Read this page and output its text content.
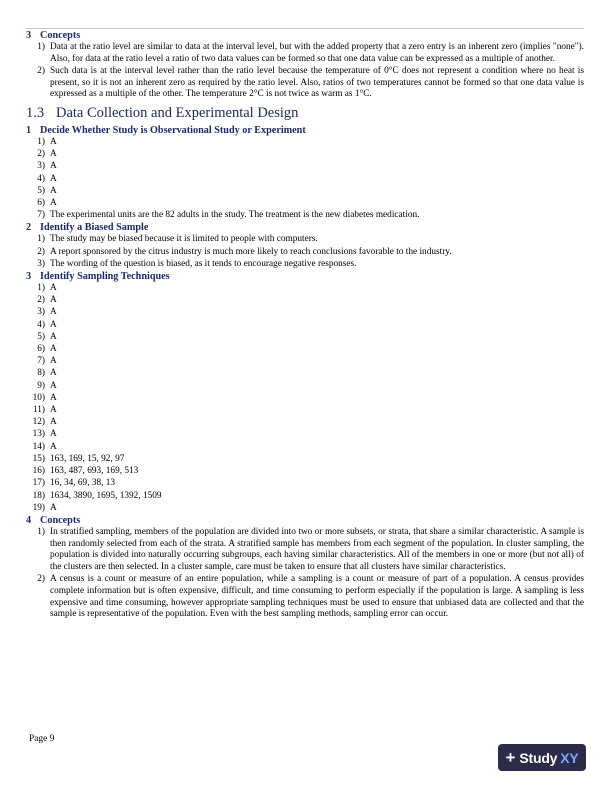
3 Concepts
1) Data at the ratio level are similar to data at the interval level, but with the added property that a zero entry is an inherent zero (implies "none"). Also, for data at the ratio level a ratio of two data values can be formed so that one data value can be expressed as a multiple of another.
2) Such data is at the interval level rather than the ratio level because the temperature of 0°C does not represent a condition where no heat is present, so it is not an inherent zero as required by the ratio level. Also, ratios of two temperatures cannot be formed so that one data value is expressed as a multiple of the other. The temperature 2°C is not twice as warm as 1°C.
1.3 Data Collection and Experimental Design
1 Decide Whether Study is Observational Study or Experiment
1) A
2) A
3) A
4) A
5) A
6) A
7) The experimental units are the 82 adults in the study. The treatment is the new diabetes medication.
2 Identify a Biased Sample
1) The study may be biased because it is limited to people with computers.
2) A report sponsored by the citrus industry is much more likely to reach conclusions favorable to the industry.
3) The wording of the question is biased, as it tends to encourage negative responses.
3 Identify Sampling Techniques
1) A
2) A
3) A
4) A
5) A
6) A
7) A
8) A
9) A
10) A
11) A
12) A
13) A
14) A
15) 163, 169, 15, 92, 97
16) 163, 487, 693, 169, 513
17) 16, 34, 69, 38, 13
18) 1634, 3890, 1695, 1392, 1509
19) A
4 Concepts
1) In stratified sampling, members of the population are divided into two or more subsets, or strata, that share a similar characteristic. A sample is then randomly selected from each of the strata. A stratified sample has members from each segment of the population. In cluster sampling, the population is divided into naturally occurring subgroups, each having similar characteristics. All of the members in one or more (but not all) of the clusters are then selected. In a cluster sample, care must be taken to ensure that all clusters have similar characteristics.
2) A census is a count or measure of an entire population, while a sampling is a count or measure of part of a population. A census provides complete information but is often expensive, difficult, and time consuming to perform especially if the population is large. A sampling is less expensive and time consuming, however appropriate sampling techniques must be used to ensure that unbiased data are collected and that the sample is representative of the population. Even with the best sampling methods, sampling error can occur.
Page 9
+ Study XY
